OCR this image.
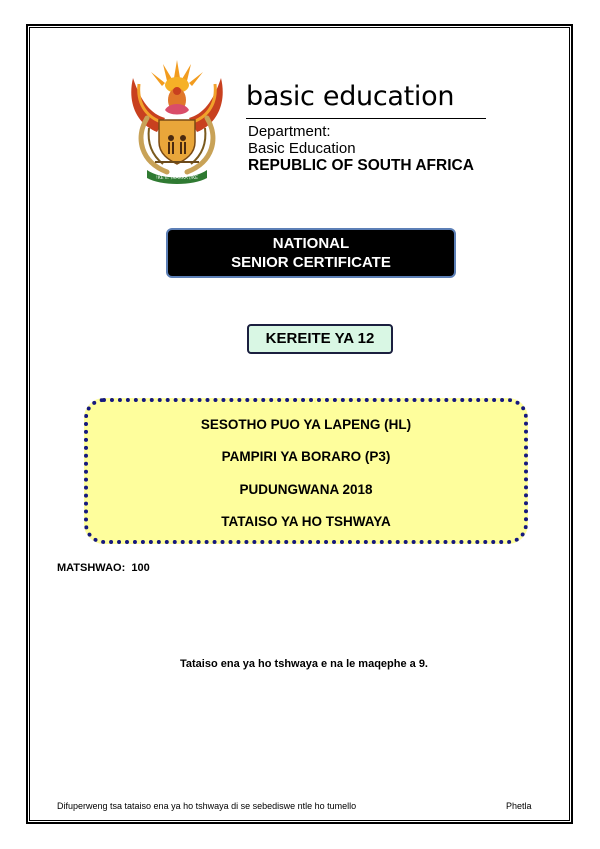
!KE E: /XARRA //KE
basic education
Department:
Basic Education
REPUBLIC OF SOUTH AFRICA
NATIONAL
SENIOR CERTIFICATE
KEREITE YA 12
SESOTHO PUO YA LAPENG (HL)
PAMPIRI YA BORARO (P3)
PUDUNGWANA 2018
TATAISO YA HO TSHWAYA
MATSHWAO:  100
Tataiso ena ya ho tshwaya e na le maqephe a 9.
Difuperweng tsa tataiso ena ya ho tshwaya di se sebediswe ntle ho tumello	Phetla
